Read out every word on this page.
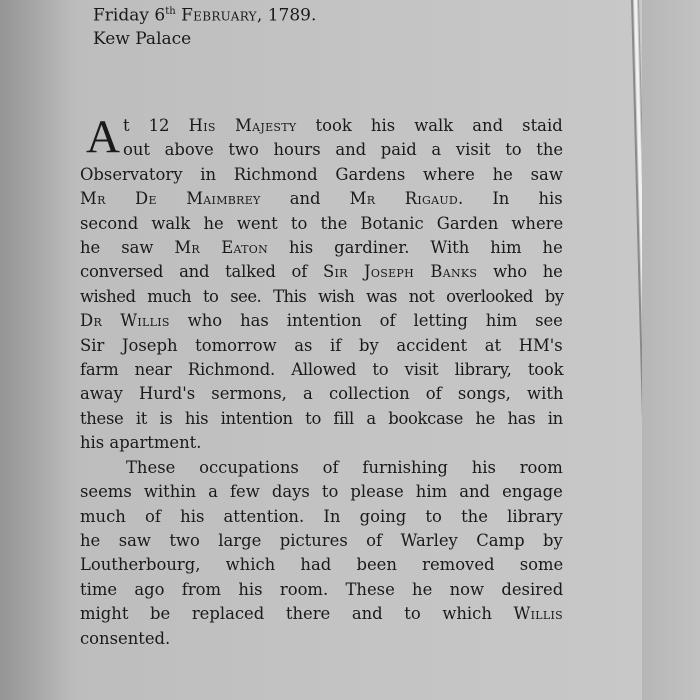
Friday 6th February, 1789.
Kew Palace
A t 12 His Majesty took his walk and staid
out above two hours and paid a visit to the
Observatory in Richmond Gardens where he saw
Mr De Maimbrey and Mr Rigaud. In his
second walk he went to the Botanic Garden where
he saw Mr Eaton his gardiner. With him he
conversed and talked of Sir Joseph Banks who he
wished much to see. This wish was not overlooked by
Dr Willis who has intention of letting him see
Sir Joseph tomorrow as if by accident at HM's
farm near Richmond. Allowed to visit library, took
away Hurd's sermons, a collection of songs, with
these it is his intention to fill a bookcase he has in
his apartment.
These occupations of furnishing his room
seems within a few days to please him and engage
much of his attention. In going to the library
he saw two large pictures of Warley Camp by
Loutherbourg, which had been removed some
time ago from his room. These he now desired
might be replaced there and to which Willis
consented.
